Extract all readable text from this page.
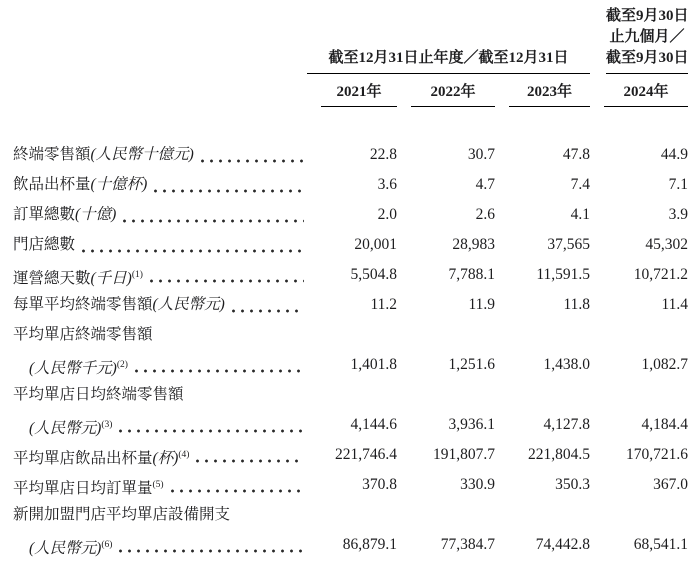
截至12月31日止年度／截至12月31日
截至9月30日
止九個月／
截至9月30日
2021年	2022年	2023年	2024年
終端零售額(人民幣十億元)	22.8	30.7	47.8	44.9
飲品出杯量(十億杯)	3.6	4.7	7.4	7.1
訂單總數(十億)	2.0	2.6	4.1	3.9
門店總數	20,001	28,983	37,565	45,302
運營總天數(千日)$^{(1)}$	5,504.8	7,788.1	11,591.5	10,721.2
每單平均終端零售額(人民幣元)	11.2	11.9	11.8	11.4
平均單店終端零售額
(人民幣千元)$^{(2)}$	1,401.8	1,251.6	1,438.0	1,082.7
平均單店日均終端零售額
(人民幣元)$^{(3)}$	4,144.6	3,936.1	4,127.8	4,184.4
平均單店飲品出杯量(杯)$^{(4)}$	221,746.4	191,807.7	221,804.5	170,721.6
平均單店日均訂單量$^{(5)}$	370.8	330.9	350.3	367.0
新開加盟門店平均單店設備開支
(人民幣元)$^{(6)}$	86,879.1	77,384.7	74,442.8	68,541.1
